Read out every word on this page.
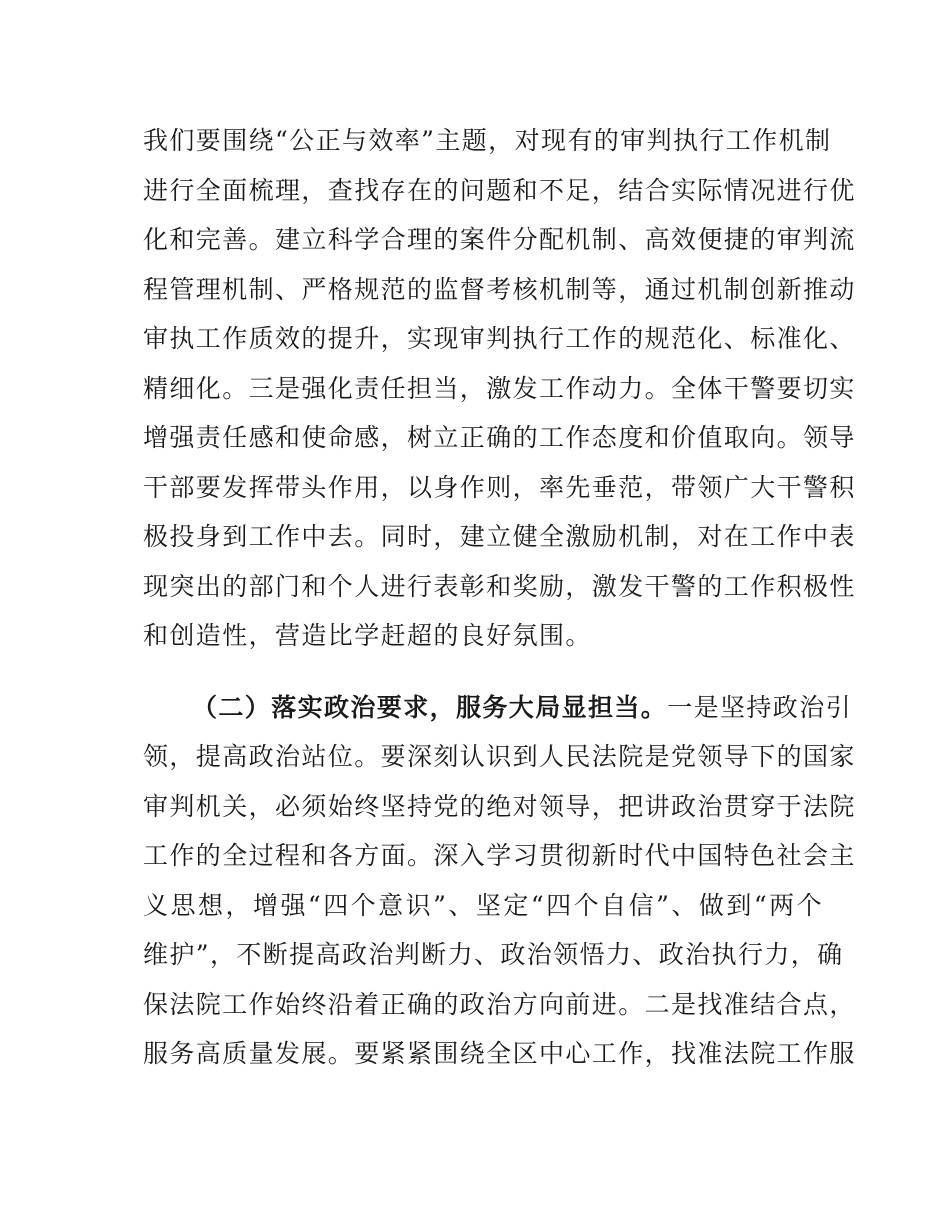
我们要围绕“公正与效率”主题，对现有的审判执行工作机制
进行全面梳理，查找存在的问题和不足，结合实际情况进行优
化和完善。建立科学合理的案件分配机制、高效便捷的审判流
程管理机制、严格规范的监督考核机制等，通过机制创新推动
审执工作质效的提升，实现审判执行工作的规范化、标准化、
精细化。三是强化责任担当，激发工作动力。全体干警要切实
增强责任感和使命感，树立正确的工作态度和价值取向。领导
干部要发挥带头作用，以身作则，率先垂范，带领广大干警积
极投身到工作中去。同时，建立健全激励机制，对在工作中表
现突出的部门和个人进行表彰和奖励，激发干警的工作积极性
和创造性，营造比学赶超的良好氛围。
（二）落实政治要求，服务大局显担当。一是坚持政治引
领，提高政治站位。要深刻认识到人民法院是党领导下的国家
审判机关，必须始终坚持党的绝对领导，把讲政治贯穿于法院
工作的全过程和各方面。深入学习贯彻新时代中国特色社会主
义思想，增强“四个意识”、坚定“四个自信”、做到“两个
维护”，不断提高政治判断力、政治领悟力、政治执行力，确
保法院工作始终沿着正确的政治方向前进。二是找准结合点，
服务高质量发展。要紧紧围绕全区中心工作，找准法院工作服
